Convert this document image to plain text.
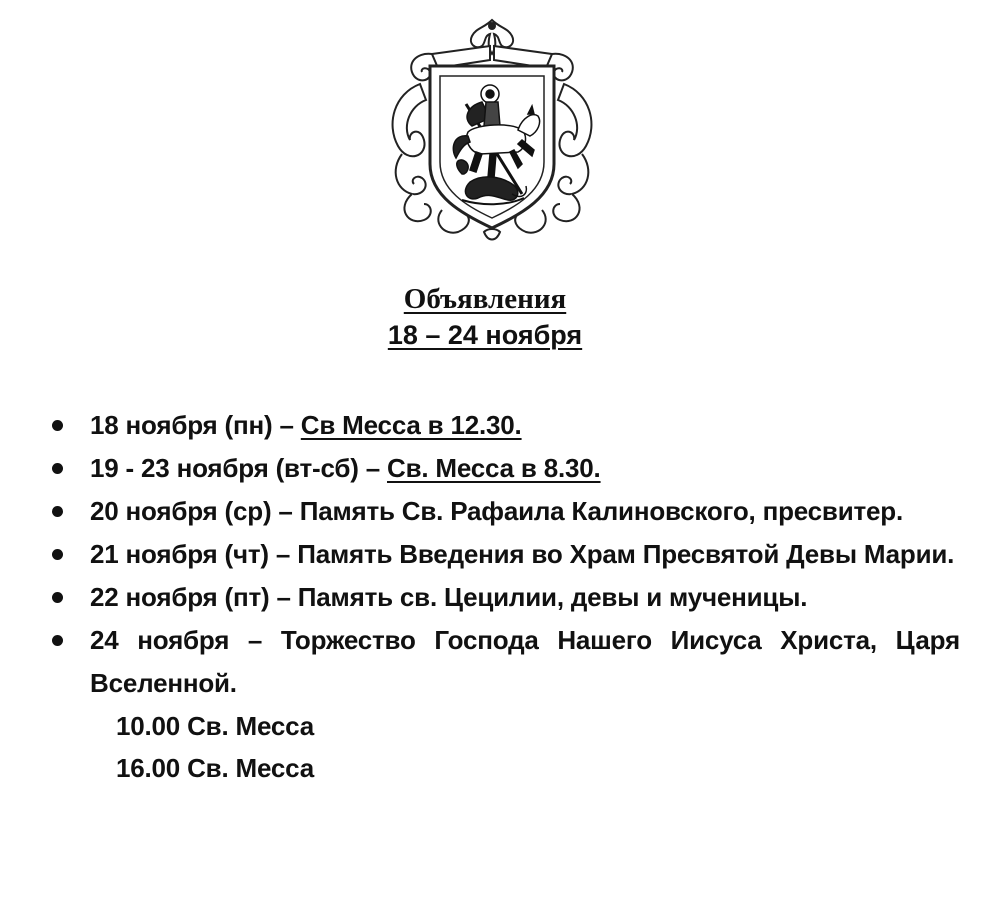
Объявления
18 – 24 ноября
18 ноября (пн) – Св Месса в 12.30.
19 - 23 ноября (вт-сб) – Св. Месса в 8.30.
20 ноября (ср) – Память Св. Рафаила Калиновского, пресвитер.
21 ноября (чт) – Память Введения во Храм Пресвятой Девы Марии.
22 ноября (пт) – Память св. Цецилии, девы и мученицы.
24 ноября – Торжество Господа Нашего Иисуса Христа, Царя Вселенной.
10.00 Св. Месса
16.00 Св. Месса
